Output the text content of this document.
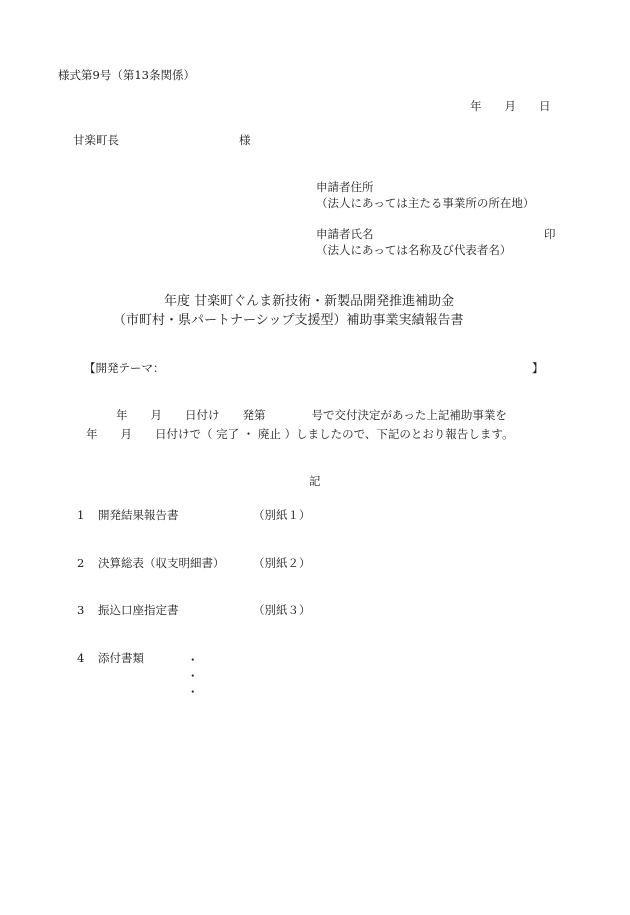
様式第9号（第13条関係）
年　　月　　日
甘楽町長	様
申請者住所
（法人にあっては主たる事業所の所在地）
申請者氏名	印
（法人にあっては名称及び代表者名）
年度 甘楽町ぐんま新技術・新製品開発推進補助金
（市町村・県パートナーシップ支援型）補助事業実績報告書
【開発テーマ：	】
年　　月　　日付け　　発第　　　　号で交付決定があった上記補助事業を
年　　月　　日付けで（ 完了 ・ 廃止 ）しましたので、下記のとおり報告します。
記
1 開発結果報告書	（別紙１）
2 決算総表（収支明細書） （別紙２）
3 振込口座指定書	（別紙３）
4 添付書類	・
・
・
